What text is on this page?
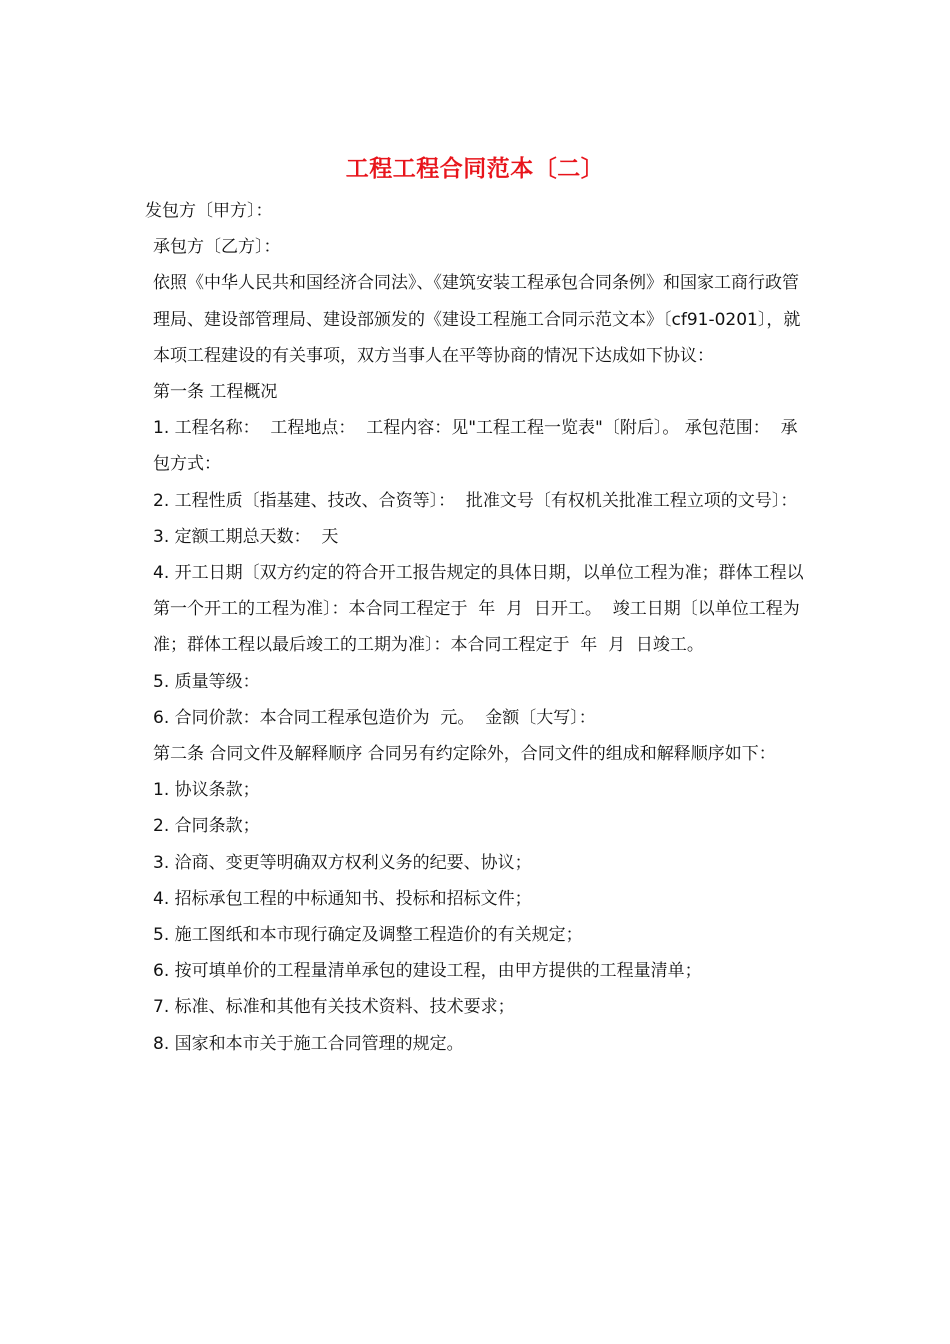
工程工程合同范本〔二〕

发包方〔甲方〕：

承包方〔乙方〕：

依照《中华人民共和国经济合同法》、《建筑安装工程承包合同条例》和国家工商行政管理局、建设部管理局、建设部颁发的《建设工程施工合同示范文本》〔cf91-0201〕，就本项工程建设的有关事项，双方当事人在平等协商的情况下达成如下协议：

第一条 工程概况

1. 工程名称：  工程地点：  工程内容：见"工程工程一览表"〔附后〕。 承包范围：  承包方式：

2. 工程性质〔指基建、技改、合资等〕：  批准文号〔有权机关批准工程立项的文号〕：

3. 定额工期总天数：  天

4. 开工日期〔双方约定的符合开工报告规定的具体日期，以单位工程为准；群体工程以第一个开工的工程为准〕：本合同工程定于  年  月  日开工。  竣工日期〔以单位工程为准；群体工程以最后竣工的工期为准〕：本合同工程定于  年  月  日竣工。

5. 质量等级：

6. 合同价款：本合同工程承包造价为  元。  金额〔大写〕：

第二条 合同文件及解释顺序 合同另有约定除外，合同文件的组成和解释顺序如下：

1. 协议条款；

2. 合同条款；

3. 洽商、变更等明确双方权利义务的纪要、协议；

4. 招标承包工程的中标通知书、投标和招标文件；

5. 施工图纸和本市现行确定及调整工程造价的有关规定；

6. 按可填单价的工程量清单承包的建设工程，由甲方提供的工程量清单；

7. 标准、标准和其他有关技术资料、技术要求；

8. 国家和本市关于施工合同管理的规定。
